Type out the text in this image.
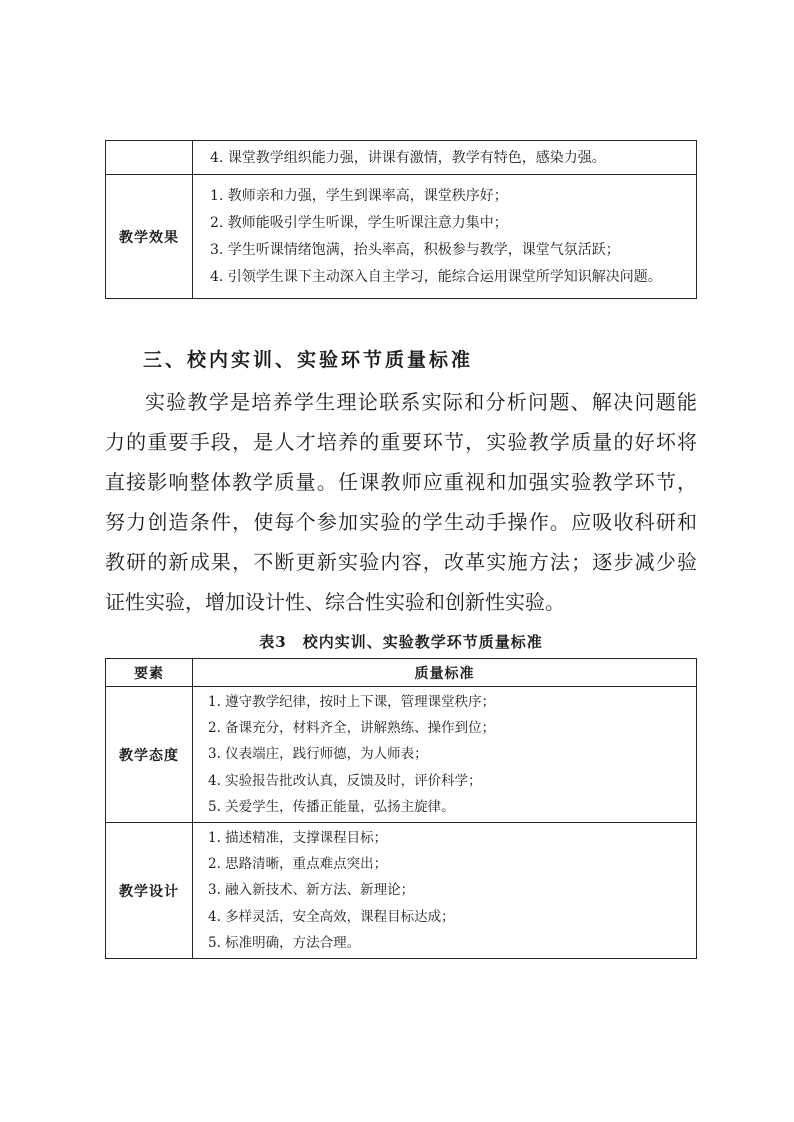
4. 课堂教学组织能力强，讲课有激情，教学有特色，感染力强。

教学效果

1. 教师亲和力强，学生到课率高，课堂秩序好；

2. 教师能吸引学生听课，学生听课注意力集中；

3. 学生听课情绪饱满，抬头率高，积极参与教学，课堂气氛活跃；

4. 引领学生课下主动深入自主学习，能综合运用课堂所学知识解决问题。

三、校内实训、实验环节质量标准
实验教学是培养学生理论联系实际和分析问题、解决问题能
力的重要手段，是人才培养的重要环节，实验教学质量的好坏将
直接影响整体教学质量。任课教师应重视和加强实验教学环节，
努力创造条件，使每个参加实验的学生动手操作。应吸收科研和
教研的新成果，不断更新实验内容，改革实施方法；逐步减少验
证性实验，增加设计性、综合性实验和创新性实验。
表3　校内实训、实验教学环节质量标准
要素	质量标准
教学态度
1. 遵守教学纪律，按时上下课，管理课堂秩序；
2. 备课充分，材料齐全，讲解熟练、操作到位；
3. 仪表端庄，践行师德，为人师表；
4. 实验报告批改认真，反馈及时，评价科学；
5. 关爱学生，传播正能量，弘扬主旋律。
教学设计
1. 描述精准，支撑课程目标；
2. 思路清晰，重点难点突出；
3. 融入新技术、新方法、新理论；
4. 多样灵活，安全高效，课程目标达成；
5. 标准明确，方法合理。
